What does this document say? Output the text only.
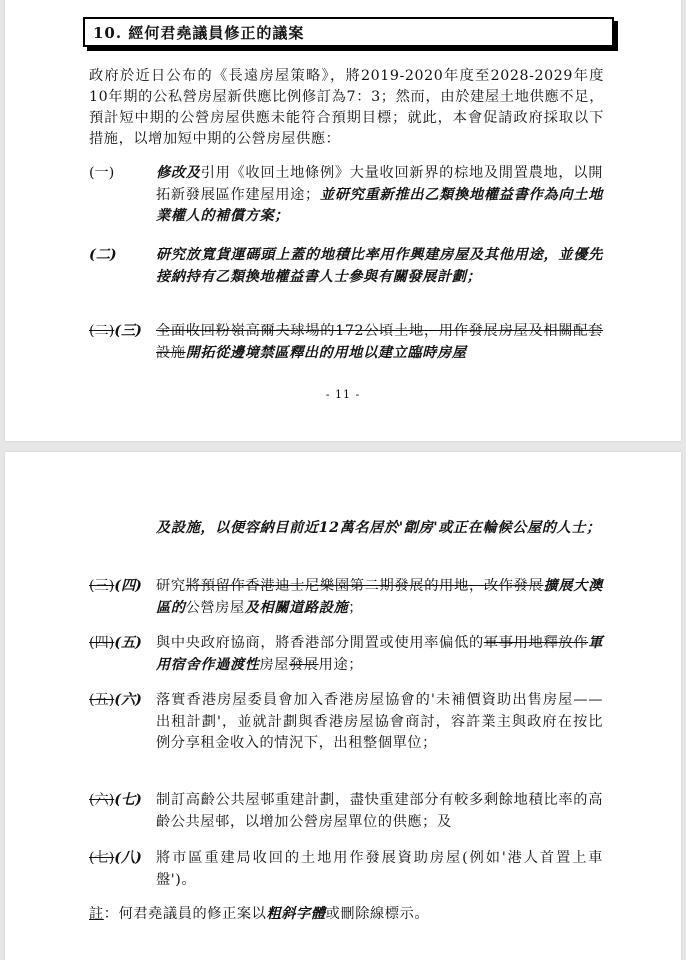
10. 經何君堯議員修正的議案
政府於近日公布的《長遠房屋策略》，將2019-2020年度至2028-2029年度10年期的公私營房屋新供應比例修訂為7：3；然而，由於建屋土地供應不足，預計短中期的公營房屋供應未能符合預期目標；就此，本會促請政府採取以下措施，以增加短中期的公營房屋供應：
(一)	修改及引用《收回土地條例》大量收回新界的棕地及閒置農地，以開拓新發展區作建屋用途；並研究重新推出乙類換地權益書作為向土地業權人的補償方案；
(二)	研究放寬貨運碼頭上蓋的地積比率用作興建房屋及其他用途，並優先接納持有乙類換地權益書人士參與有關發展計劃；
(二)(三) 全面收回粉嶺高爾夫球場的172公頃土地，用作發展房屋及相關配套設施開拓從邊境禁區釋出的用地以建立臨時房屋
- 11 -
及設施，以便容納目前近12萬名居於'劏房'或正在輪候公屋的人士；
(三)(四) 研究將預留作香港迪士尼樂園第二期發展的用地，改作發展擴展大澳區的公營房屋及相關道路設施；
(四)(五) 與中央政府協商，將香港部分閒置或使用率偏低的軍事用地釋放作軍用宿舍作過渡性房屋發展用途；
(五)(六) 落實香港房屋委員會加入香港房屋協會的'未補價資助出售房屋——出租計劃'，並就計劃與香港房屋協會商討，容許業主與政府在按比例分享租金收入的情況下，出租整個單位；
(六)(七) 制訂高齡公共屋邨重建計劃，盡快重建部分有較多剩餘地積比率的高齡公共屋邨，以增加公營房屋單位的供應；及
(七)(八) 將市區重建局收回的土地用作發展資助房屋(例如'港人首置上車盤')。
註：何君堯議員的修正案以粗斜字體或刪除線標示。
